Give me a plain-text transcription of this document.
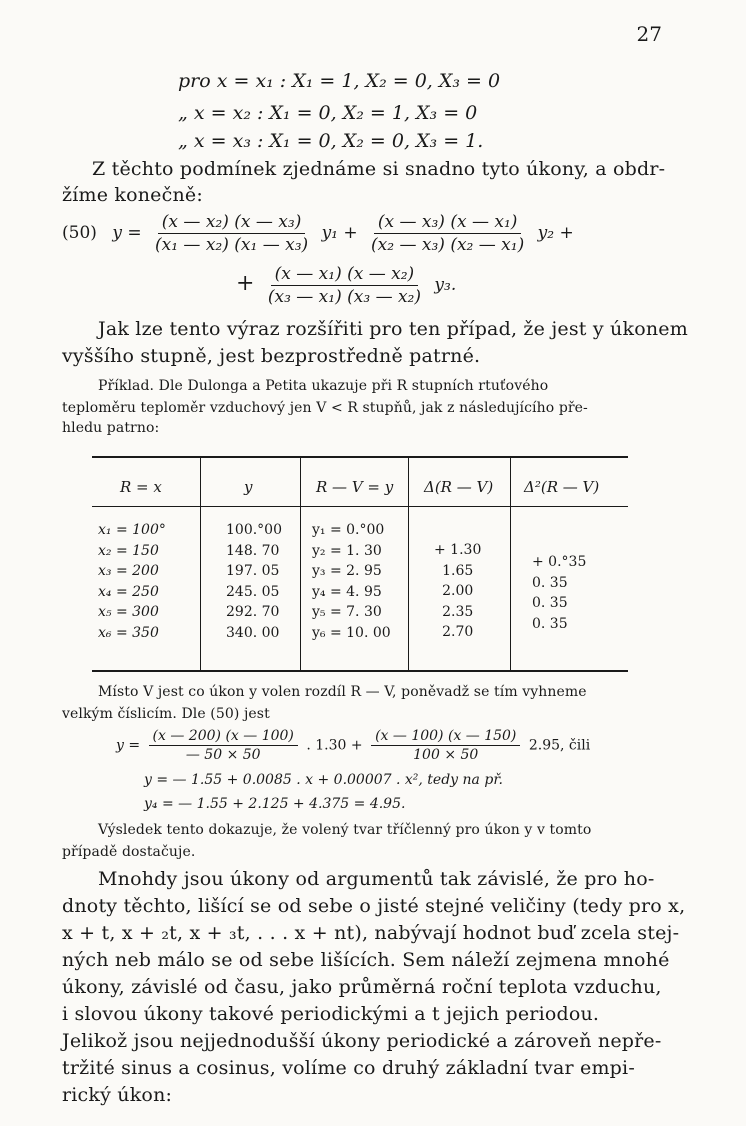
27
pro x = x₁ : X₁ = 1, X₂ = 0, X₃ = 0
„ x = x₂ : X₁ = 0, X₂ = 1, X₃ = 0
„ x = x₃ : X₁ = 0, X₂ = 0, X₃ = 1.
Z těchto podmínek zjednáme si snadno tyto úkony, a obdr-
žíme konečně:
(50) $y = \frac{\text{(x — x₂) (x — x₃)}}{\text{(x₁ — x₂) (x₁ — x₃)}} y_1 + \frac{\text{(x — x₃) (x — x₁)}}{\text{(x₂ — x₃) (x₂ — x₁)}} y_2$ +
+ $\frac{\text{(x — x₁) (x — x₂)}}{\text{(x₃ — x₁) (x₃ — x₂)}} y_3$.
Jak lze tento výraz rozšířiti pro ten případ, že jest y úkonem
vyššího stupně, jest bezprostředně patrné.
Příklad. Dle Dulonga a Petita ukazuje při R stupních rtuťového
teploměru teploměr vzduchový jen V < R stupňů, jak z následujícího pře-
hledu patrno:
R = x	y	R — V = y Δ(R — V) Δ²(R — V)
x₁ = 100°
x₂ = 150
x₃ = 200
x₄ = 250
x₅ = 300
x₆ = 350
100.°00
148. 70
197. 05
245. 05
292. 70
340. 00
y₁ = 0.°00
y₂ = 1. 30
y₃ = 2. 95
y₄ = 4. 95
y₅ = 7. 30
y₆ = 10. 00
+ 1.30
1.65
2.00
2.35
2.70
+ 0.°35
0. 35
0. 35
0. 35
Místo V jest co úkon y volen rozdíl R — V, poněvadž se tím vyhneme
velkým číslicím. Dle (50) jest
$y = \frac{(x — 200) (x — 100)}{— 50 \times 50}$ . $1.30 + \frac{(x — 100) (x — 150)}{100 \times 50} 2.95$, čili
y = — 1.55 + 0.0085 . x + 0.00007 . x², tedy na př.
y₄ = — 1.55 + 2.125 + 4.375 = 4.95.
Výsledek tento dokazuje, že volený tvar tříčlenný pro úkon y v tomto
případě dostačuje.
Mnohdy jsou úkony od argumentů tak závislé, že pro ho-
dnoty těchto, lišící se od sebe o jisté stejné veličiny (tedy pro x,
x + t, x + ₂t, x + ₃t, . . . x + nt), nabývají hodnot buď zcela stej-
ných neb málo se od sebe lišících. Sem náleží zejmena mnohé
úkony, závislé od času, jako průměrná roční teplota vzduchu,
i slovou úkony takové periodickými a t jejich periodou.
Jelikož jsou nejjednodušší úkony periodické a zároveň nepře-
tržité sinus a cosinus, volíme co druhý základní tvar empi-
rický úkon:
